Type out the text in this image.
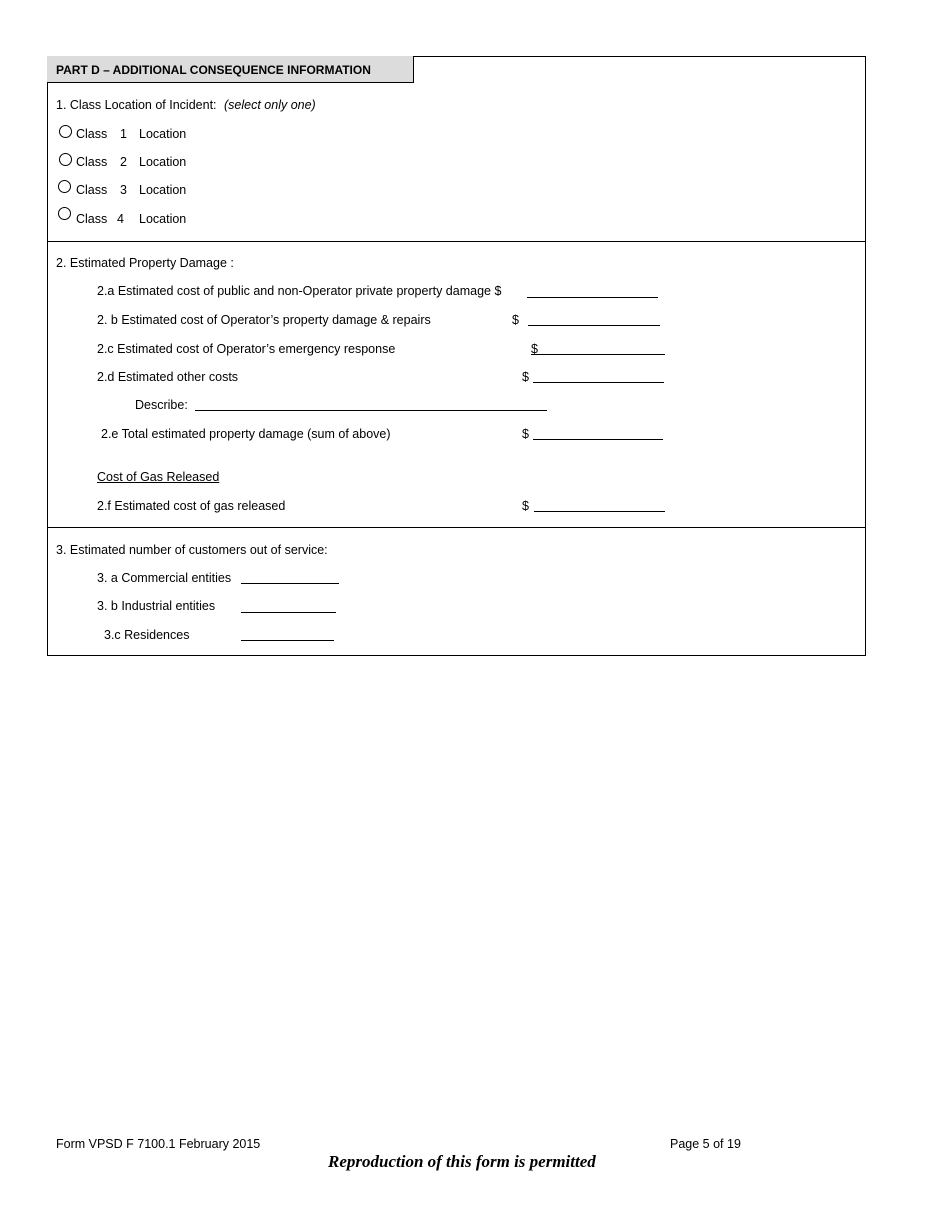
PART D – ADDITIONAL CONSEQUENCE INFORMATION
1. Class Location of Incident: (select only one)
Class 1 Location
Class 2 Location
Class 3 Location
Class 4 Location
2. Estimated Property Damage :
2.a Estimated cost of public and non-Operator private property damage $
2. b Estimated cost of Operator’s property damage & repairs	$
2.c Estimated cost of Operator’s emergency response	$
2.d Estimated other costs	$
Describe:
2.e Total estimated property damage (sum of above)	$
Cost of Gas Released
2.f Estimated cost of gas released	$
3. Estimated number of customers out of service:
3. a Commercial entities
3. b Industrial entities
3.c Residences
Form VPSD F 7100.1 February 2015	Page 5 of 19
Reproduction of this form is permitted
